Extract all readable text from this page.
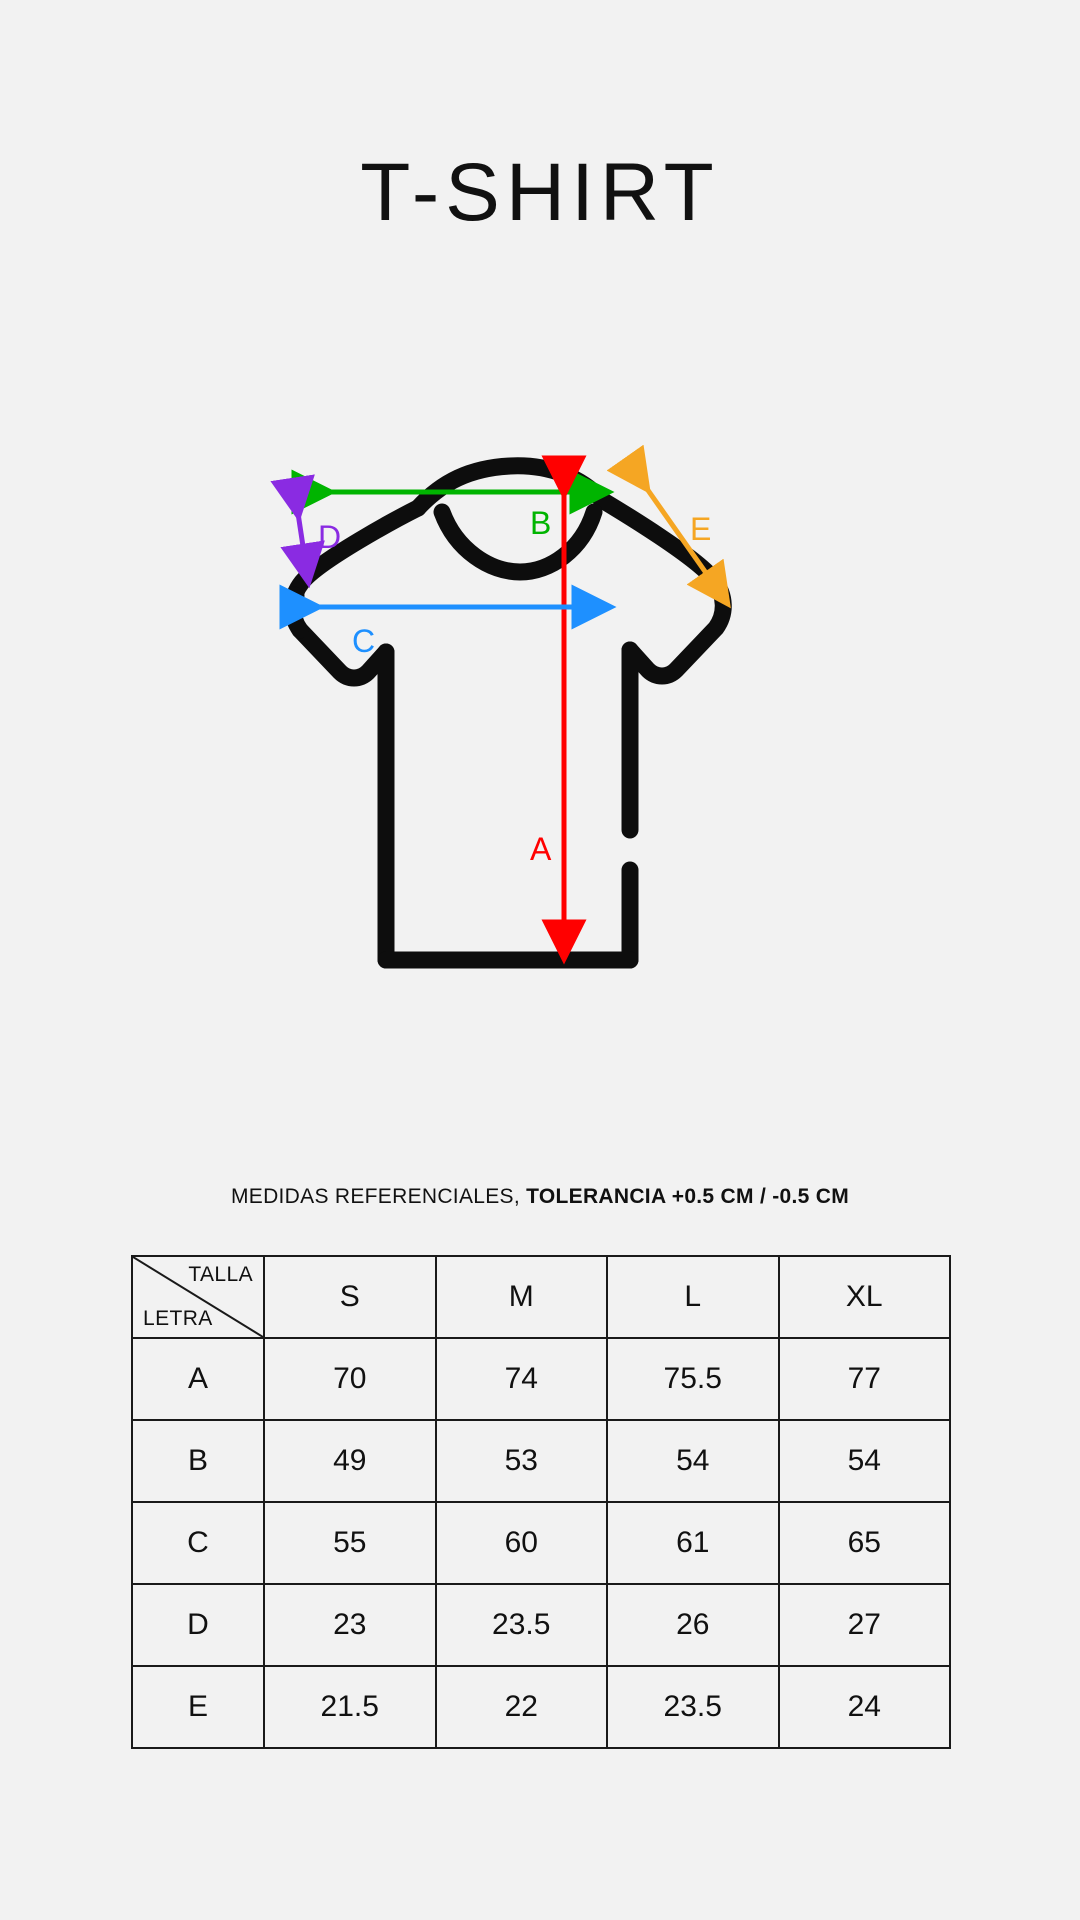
T-SHIRT
B
A
C
D	E
MEDIDAS REFERENCIALES, TOLERANCIA +0.5 CM / -0.5 CM
TALLA
LETRA	S	M	L	XL
A	70	74	75.5	77
B	49	53	54	54
C	55	60	61	65
D	23	23.5	26	27
E	21.5	22	23.5	24
